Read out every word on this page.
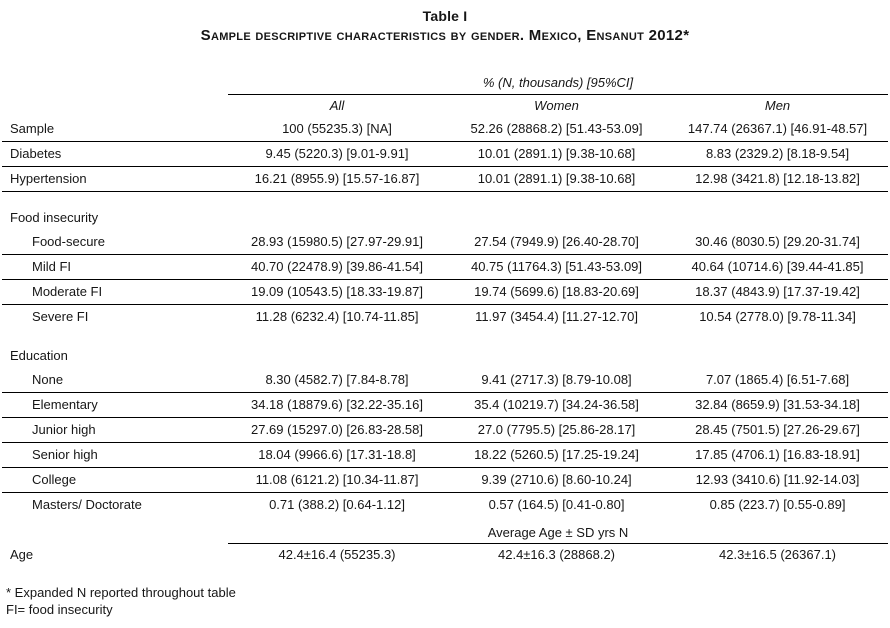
Table I
Sample descriptive characteristics by gender. Mexico, Ensanut 2012*
	% (N, thousands) [95%CI]		
	All	Women	Men
Sample	100 (55235.3) [NA]	52.26 (28868.2) [51.43-53.09]	147.74 (26367.1) [46.91-48.57]
Diabetes	9.45 (5220.3) [9.01-9.91]	10.01 (2891.1) [9.38-10.68]	8.83 (2329.2) [8.18-9.54]
Hypertension	16.21 (8955.9) [15.57-16.87]	10.01 (2891.1) [9.38-10.68]	12.98 (3421.8) [12.18-13.82]

Food insecurity			
Food-secure	28.93 (15980.5) [27.97-29.91]	27.54 (7949.9) [26.40-28.70]	30.46 (8030.5) [29.20-31.74]
Mild FI	40.70 (22478.9) [39.86-41.54]	40.75 (11764.3) [51.43-53.09]	40.64 (10714.6) [39.44-41.85]
Moderate FI	19.09 (10543.5) [18.33-19.87]	19.74 (5699.6) [18.83-20.69]	18.37 (4843.9) [17.37-19.42]
Severe FI	11.28 (6232.4) [10.74-11.85]	11.97 (3454.4) [11.27-12.70]	10.54 (2778.0) [9.78-11.34]

Education			
None	8.30 (4582.7) [7.84-8.78]	9.41 (2717.3) [8.79-10.08]	7.07 (1865.4) [6.51-7.68]
Elementary	34.18 (18879.6) [32.22-35.16]	35.4 (10219.7) [34.24-36.58]	32.84 (8659.9) [31.53-34.18]
Junior high	27.69 (15297.0) [26.83-28.58]	27.0 (7795.5) [25.86-28.17]	28.45 (7501.5) [27.26-29.67]
Senior high	18.04 (9966.6) [17.31-18.8]	18.22 (5260.5) [17.25-19.24]	17.85 (4706.1) [16.83-18.91]
College	11.08 (6121.2) [10.34-11.87]	9.39 (2710.6) [8.60-10.24]	12.93 (3410.6) [11.92-14.03]
Masters/ Doctorate	0.71 (388.2) [0.64-1.12]	0.57 (164.5) [0.41-0.80]	0.85 (223.7) [0.55-0.89]

	Average Age ± SD yrs N		
Age	42.4±16.4 (55235.3)	42.4±16.3 (28868.2)	42.3±16.5 (26367.1)
* Expanded N reported throughout table
FI= food insecurity
